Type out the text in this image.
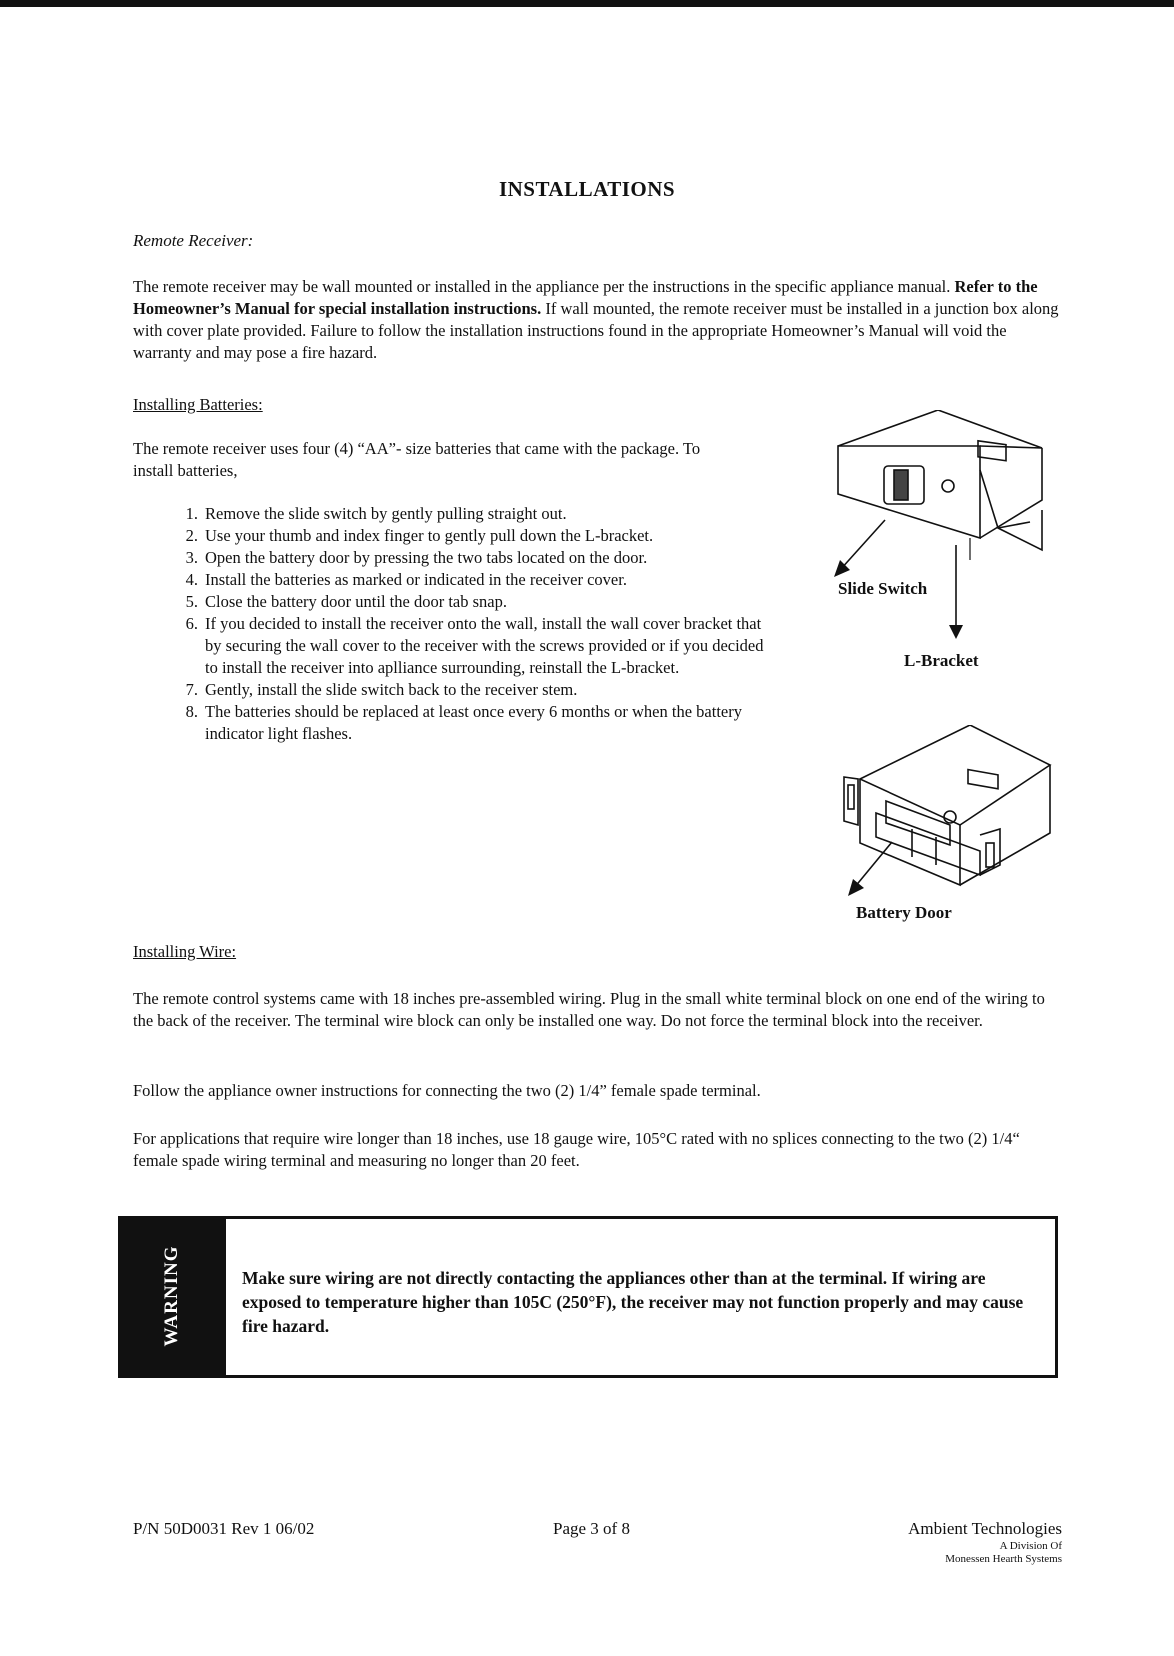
INSTALLATIONS
Remote Receiver:
The remote receiver may be wall mounted or installed in the appliance per the instructions in the specific appliance manual. Refer to the Homeowner’s Manual for special installation instructions. If wall mounted, the remote receiver must be installed in a junction box along with cover plate provided. Failure to follow the installation instructions found in the appropriate Homeowner’s Manual will void the warranty and may pose a fire hazard.
Installing Batteries:
The remote receiver uses four (4) “AA”- size batteries that came with the package. To install batteries,
1. Remove the slide switch by gently pulling straight out.
2. Use your thumb and index finger to gently pull down the L-bracket.
3. Open the battery door by pressing the two tabs located on the door.
4. Install the batteries as marked or indicated in the receiver cover.
5. Close the battery door until the door tab snap.
6. If you decided to install the receiver onto the wall, install the wall cover bracket that by securing the wall cover to the receiver with the screws provided or if you decided to install the receiver into aplliance surrounding, reinstall the L-bracket.
7. Gently, install the slide switch back to the receiver stem.
8. The batteries should be replaced at least once every 6 months or when the battery indicator light flashes.
Slide Switch
L-Bracket
Battery Door
Installing Wire:
The remote control systems came with 18 inches pre-assembled wiring. Plug in the small white terminal block on one end of the wiring to the back of the receiver. The terminal wire block can only be installed one way. Do not force the terminal block into the receiver.
Follow the appliance owner instructions for connecting the two (2) 1/4” female spade terminal.
For applications that require wire longer than 18 inches, use 18 gauge wire, 105°C rated with no splices connecting to the two (2) 1/4“ female spade wiring terminal and measuring no longer than 20 feet.
WARNING	Make sure wiring are not directly contacting the appliances other than at the terminal. If wiring are exposed to temperature higher than 105C (250°F), the receiver may not function properly and may cause fire hazard.
P/N 50D0031 Rev 1 06/02	Page 3 of 8	Ambient Technologies
A Division Of
Monessen Hearth Systems
